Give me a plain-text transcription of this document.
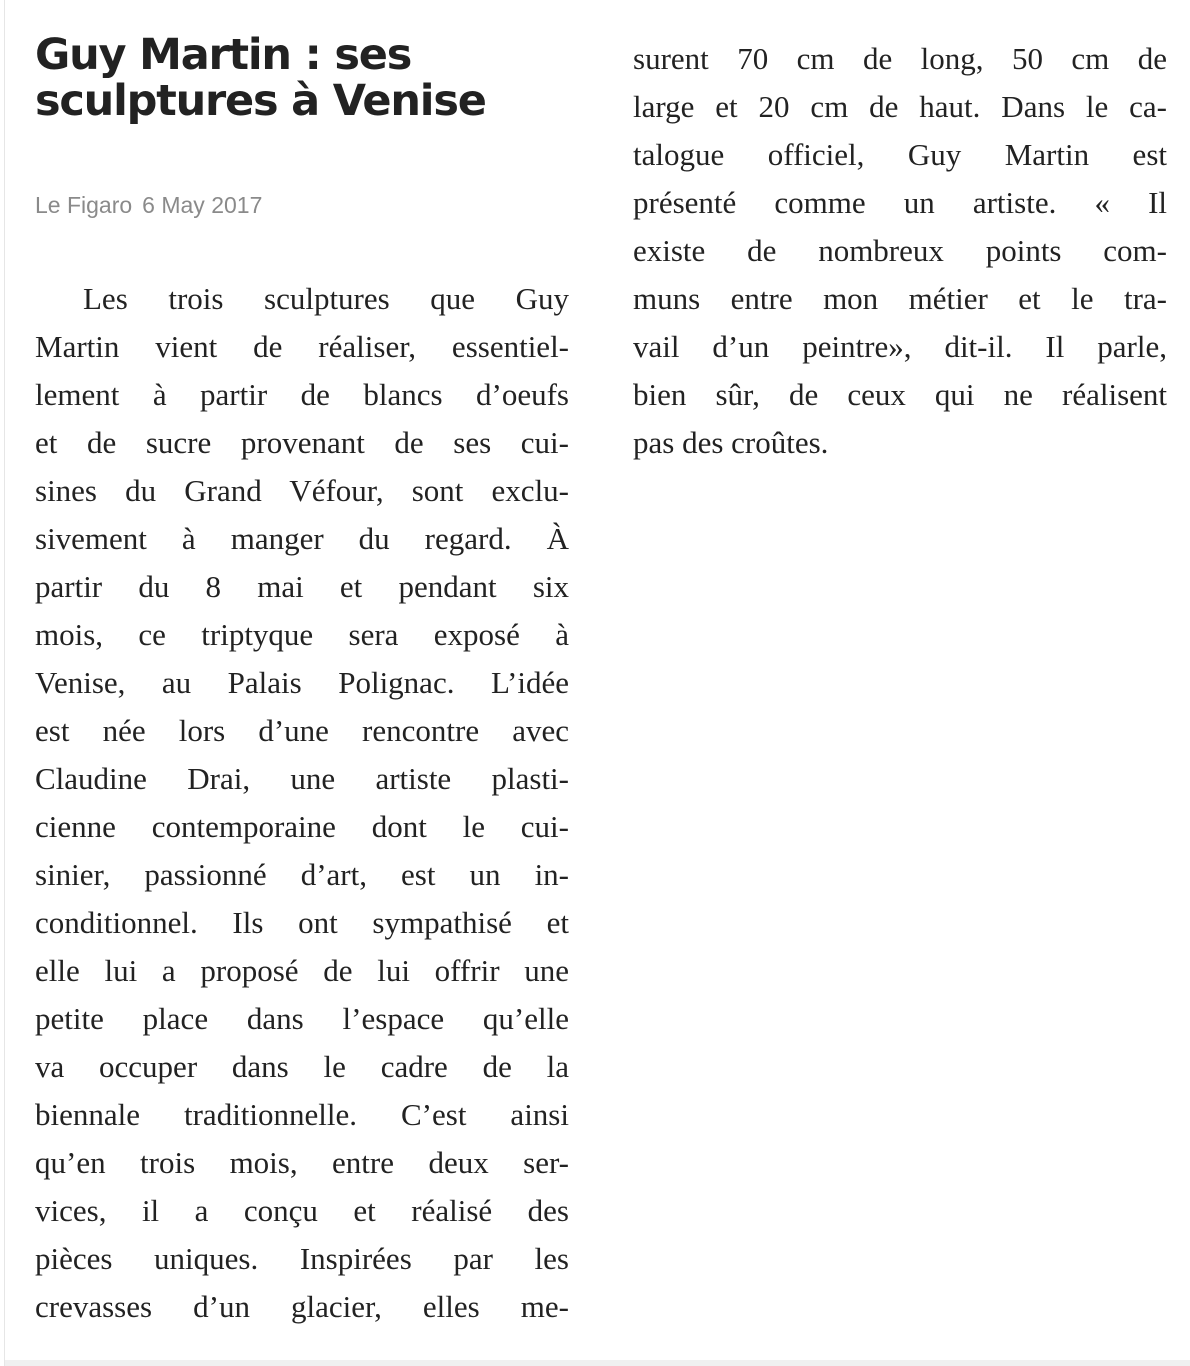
Guy Martin : ses sculptures à Venise
Le Figaro 6 May 2017
Les trois sculptures que Guy
Martin vient de réaliser, essentiel-
lement à partir de blancs d’oeufs
et de sucre provenant de ses cui-
sines du Grand Véfour, sont exclu-
sivement à manger du regard. À
partir du 8 mai et pendant six
mois, ce triptyque sera exposé à
Venise, au Palais Polignac. L’idée
est née lors d’une rencontre avec
Claudine Drai, une artiste plasti-
cienne contemporaine dont le cui-
sinier, passionné d’art, est un in-
conditionnel. Ils ont sympathisé et
elle lui a proposé de lui offrir une
petite place dans l’espace qu’elle
va occuper dans le cadre de la
biennale traditionnelle. C’est ainsi
qu’en trois mois, entre deux ser-
vices, il a conçu et réalisé des
pièces uniques. Inspirées par les
crevasses d’un glacier, elles me-
surent 70 cm de long, 50 cm de
large et 20 cm de haut. Dans le ca-
talogue officiel, Guy Martin est
présenté comme un artiste. « Il
existe de nombreux points com-
muns entre mon métier et le tra-
vail d’un peintre», dit-il. Il parle,
bien sûr, de ceux qui ne réalisent
pas des croûtes.
